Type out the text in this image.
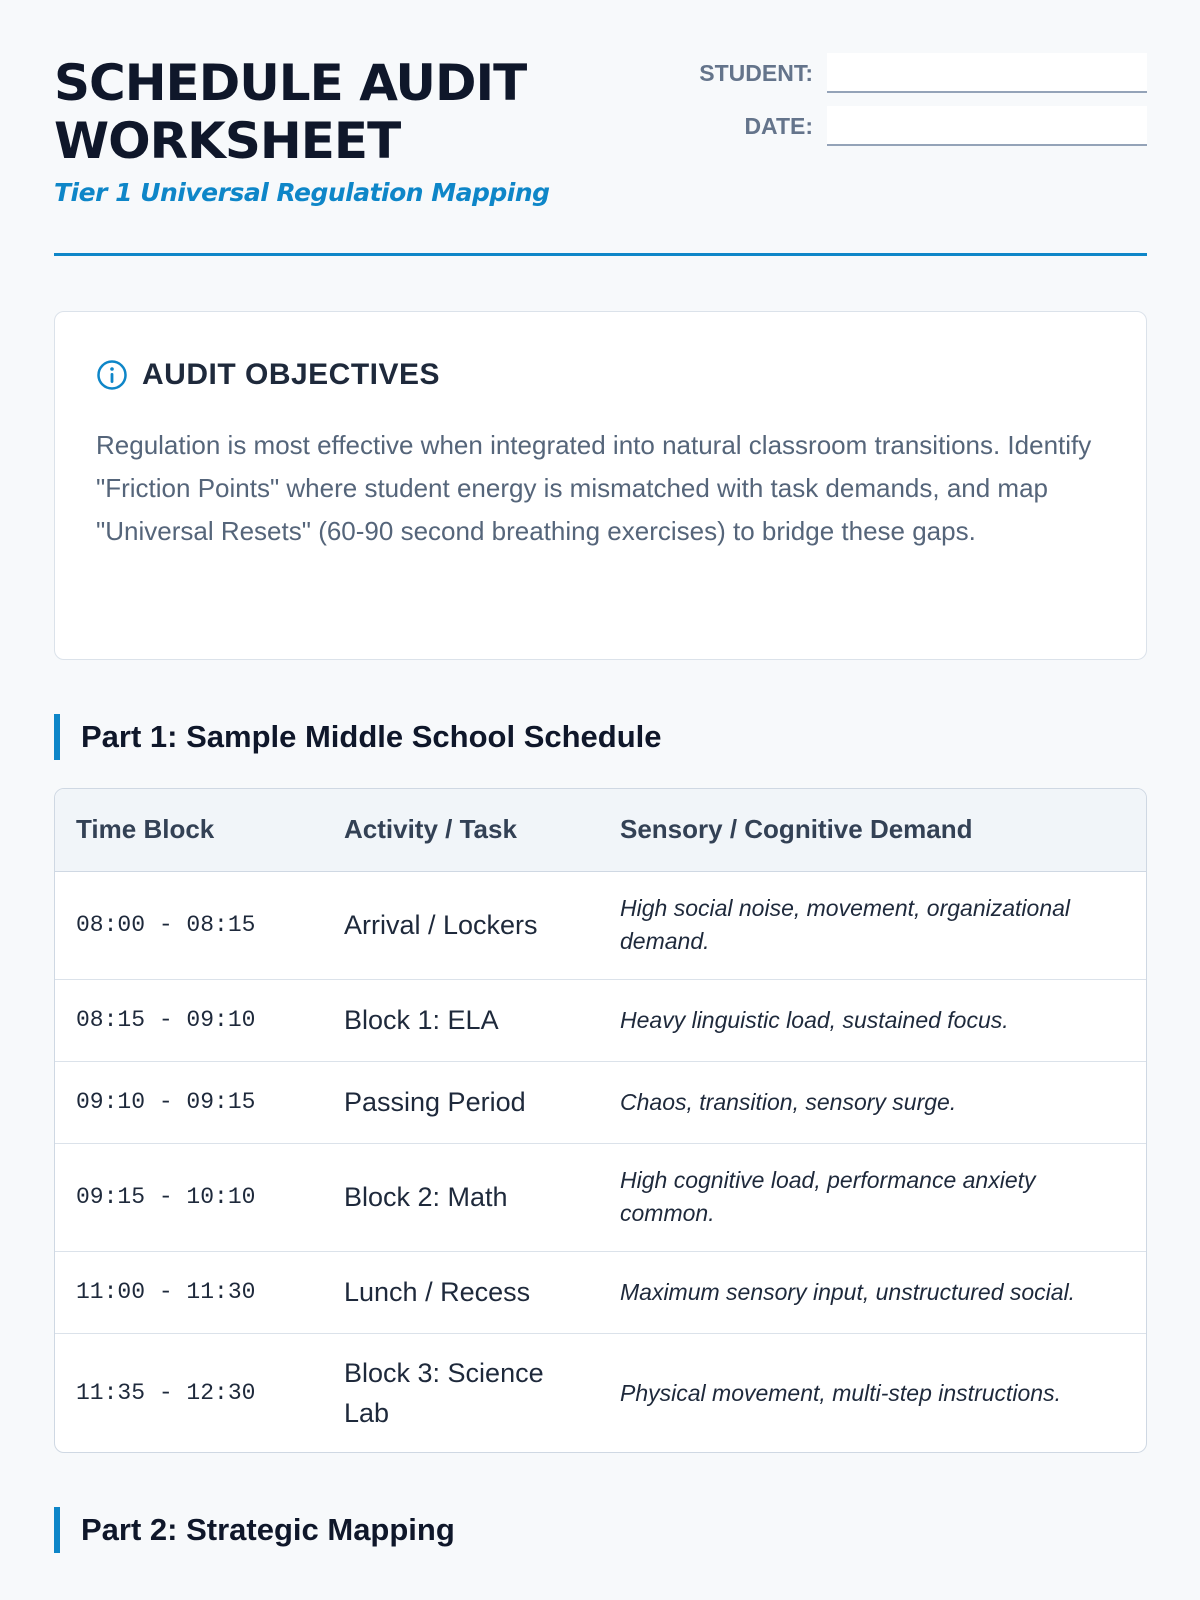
SCHEDULE AUDIT WORKSHEET
Tier 1 Universal Regulation Mapping
STUDENT:
DATE:
AUDIT OBJECTIVES

Regulation is most effective when integrated into natural classroom transitions. Identify "Friction Points" where student energy is mismatched with task demands, and map "Universal Resets" (60-90 second breathing exercises) to bridge these gaps.

Part 1: Sample Middle School Schedule
Time Block	Activity / Task	Sensory / Cognitive Demand
08:00 - 08:15	Arrival / Lockers	High social noise, movement, organizational demand.
08:15 - 09:10	Block 1: ELA	Heavy linguistic load, sustained focus.
09:10 - 09:15	Passing Period	Chaos, transition, sensory surge.
09:15 - 10:10	Block 2: Math	High cognitive load, performance anxiety common.
11:00 - 11:30	Lunch / Recess	Maximum sensory input, unstructured social.
11:35 - 12:30	Block 3: Science Lab	Physical movement, multi-step instructions.
Part 2: Strategic Mapping
